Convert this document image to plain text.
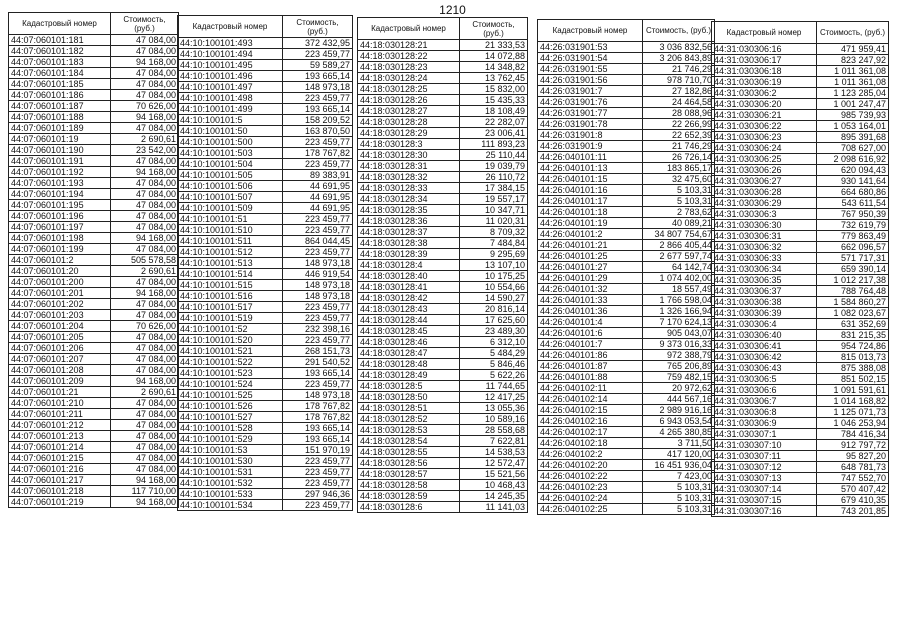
1210
Кадастровый номер	Стоимость, (руб.)
44:07:060101:181	47 084,00
44:07:060101:182	47 084,00
44:07:060101:183	94 168,00
44:07:060101:184	47 084,00
44:07:060101:185	47 084,00
44:07:060101:186	47 084,00
44:07:060101:187	70 626,00
44:07:060101:188	94 168,00
44:07:060101:189	47 084,00
44:07:060101:19	2 690,61
44:07:060101:190	23 542,00
44:07:060101:191	47 084,00
44:07:060101:192	94 168,00
44:07:060101:193	47 084,00
44:07:060101:194	47 084,00
44:07:060101:195	47 084,00
44:07:060101:196	47 084,00
44:07:060101:197	47 084,00
44:07:060101:198	94 168,00
44:07:060101:199	47 084,00
44:07:060101:2	505 578,58
44:07:060101:20	2 690,61
44:07:060101:200	47 084,00
44:07:060101:201	94 168,00
44:07:060101:202	47 084,00
44:07:060101:203	47 084,00
44:07:060101:204	70 626,00
44:07:060101:205	47 084,00
44:07:060101:206	47 084,00
44:07:060101:207	47 084,00
44:07:060101:208	47 084,00
44:07:060101:209	94 168,00
44:07:060101:21	2 690,61
44:07:060101:210	47 084,00
44:07:060101:211	47 084,00
44:07:060101:212	47 084,00
44:07:060101:213	47 084,00
44:07:060101:214	47 084,00
44:07:060101:215	47 084,00
44:07:060101:216	47 084,00
44:07:060101:217	94 168,00
44:07:060101:218	117 710,00
44:07:060101:219	94 168,00
Кадастровый номер	Стоимость, (руб.)
44:10:100101:493	372 432,95
44:10:100101:494	223 459,77
44:10:100101:495	59 589,27
44:10:100101:496	193 665,14
44:10:100101:497	148 973,18
44:10:100101:498	223 459,77
44:10:100101:499	193 665,14
44:10:100101:5	158 209,52
44:10:100101:50	163 870,50
44:10:100101:500	223 459,77
44:10:100101:503	178 767,82
44:10:100101:504	223 459,77
44:10:100101:505	89 383,91
44:10:100101:506	44 691,95
44:10:100101:507	44 691,95
44:10:100101:509	44 691,95
44:10:100101:51	223 459,77
44:10:100101:510	223 459,77
44:10:100101:511	864 044,45
44:10:100101:512	223 459,77
44:10:100101:513	148 973,18
44:10:100101:514	446 919,54
44:10:100101:515	148 973,18
44:10:100101:516	148 973,18
44:10:100101:517	223 459,77
44:10:100101:519	223 459,77
44:10:100101:52	232 398,16
44:10:100101:520	223 459,77
44:10:100101:521	268 151,73
44:10:100101:522	291 540,52
44:10:100101:523	193 665,14
44:10:100101:524	223 459,77
44:10:100101:525	148 973,18
44:10:100101:526	178 767,82
44:10:100101:527	178 767,82
44:10:100101:528	193 665,14
44:10:100101:529	193 665,14
44:10:100101:53	151 970,19
44:10:100101:530	223 459,77
44:10:100101:531	223 459,77
44:10:100101:532	223 459,77
44:10:100101:533	297 946,36
44:10:100101:534	223 459,77
Кадастровый номер	Стоимость, (руб.)
44:18:030128:21	21 333,53
44:18:030128:22	14 072,88
44:18:030128:23	14 348,82
44:18:030128:24	13 762,45
44:18:030128:25	15 832,00
44:18:030128:26	15 435,33
44:18:030128:27	18 108,49
44:18:030128:28	22 282,07
44:18:030128:29	23 006,41
44:18:030128:3	111 893,23
44:18:030128:30	25 110,44
44:18:030128:31	19 039,79
44:18:030128:32	26 110,72
44:18:030128:33	17 384,15
44:18:030128:34	19 557,17
44:18:030128:35	10 347,71
44:18:030128:36	11 020,31
44:18:030128:37	8 709,32
44:18:030128:38	7 484,84
44:18:030128:39	9 295,69
44:18:030128:4	13 107,10
44:18:030128:40	10 175,25
44:18:030128:41	10 554,66
44:18:030128:42	14 590,27
44:18:030128:43	20 816,14
44:18:030128:44	17 625,60
44:18:030128:45	23 489,30
44:18:030128:46	6 312,10
44:18:030128:47	5 484,29
44:18:030128:48	5 846,46
44:18:030128:49	5 622,26
44:18:030128:5	11 744,65
44:18:030128:50	12 417,25
44:18:030128:51	13 055,36
44:18:030128:52	10 589,16
44:18:030128:53	28 558,68
44:18:030128:54	7 622,81
44:18:030128:55	14 538,53
44:18:030128:56	12 572,47
44:18:030128:57	15 521,56
44:18:030128:58	10 468,43
44:18:030128:59	14 245,35
44:18:030128:6	11 141,03
Кадастровый номер	Стоимость, (руб.)
44:26:031901:53	3 036 832,56
44:26:031901:54	3 206 843,89
44:26:031901:55	21 746,29
44:26:031901:56	978 710,70
44:26:031901:7	27 182,86
44:26:031901:76	24 464,58
44:26:031901:77	28 088,96
44:26:031901:78	22 266,99
44:26:031901:8	22 652,39
44:26:031901:9	21 746,29
44:26:040101:11	26 726,14
44:26:040101:13	183 865,17
44:26:040101:15	32 475,60
44:26:040101:16	5 103,31
44:26:040101:17	5 103,31
44:26:040101:18	2 783,62
44:26:040101:19	40 089,21
44:26:040101:2	34 807 754,67
44:26:040101:21	2 866 405,44
44:26:040101:25	2 677 597,74
44:26:040101:27	64 142,74
44:26:040101:29	1 074 402,00
44:26:040101:32	18 557,49
44:26:040101:33	1 766 598,04
44:26:040101:36	1 326 166,94
44:26:040101:4	7 170 624,13
44:26:040101:6	905 043,07
44:26:040101:7	9 373 016,33
44:26:040101:86	972 388,79
44:26:040101:87	765 206,89
44:26:040101:88	759 482,15
44:26:040102:11	20 972,62
44:26:040102:14	444 567,16
44:26:040102:15	2 989 916,16
44:26:040102:16	6 943 053,54
44:26:040102:17	4 265 380,85
44:26:040102:18	3 711,50
44:26:040102:2	417 120,00
44:26:040102:20	16 451 936,04
44:26:040102:22	7 423,00
44:26:040102:23	5 103,31
44:26:040102:24	5 103,31
44:26:040102:25	5 103,31
Кадастровый номер	Стоимость, (руб.)
44:31:030306:16	471 959,41
44:31:030306:17	823 247,92
44:31:030306:18	1 011 361,08
44:31:030306:19	1 011 361,08
44:31:030306:2	1 123 285,04
44:31:030306:20	1 001 247,47
44:31:030306:21	985 739,93
44:31:030306:22	1 053 164,01
44:31:030306:23	895 391,68
44:31:030306:24	708 627,00
44:31:030306:25	2 098 616,92
44:31:030306:26	620 094,43
44:31:030306:27	930 141,64
44:31:030306:28	664 680,86
44:31:030306:29	543 611,54
44:31:030306:3	767 950,39
44:31:030306:30	732 619,79
44:31:030306:31	779 863,49
44:31:030306:32	662 096,57
44:31:030306:33	571 717,31
44:31:030306:34	659 390,14
44:31:030306:35	1 012 217,38
44:31:030306:37	788 764,48
44:31:030306:38	1 584 860,27
44:31:030306:39	1 082 023,67
44:31:030306:4	631 352,69
44:31:030306:40	831 215,35
44:31:030306:41	954 724,86
44:31:030306:42	815 013,73
44:31:030306:43	875 388,08
44:31:030306:5	851 502,15
44:31:030306:6	1 091 591,61
44:31:030306:7	1 014 168,82
44:31:030306:8	1 125 071,73
44:31:030306:9	1 046 253,94
44:31:030307:1	784 416,34
44:31:030307:10	912 797,72
44:31:030307:11	95 827,20
44:31:030307:12	648 781,73
44:31:030307:13	747 552,70
44:31:030307:14	570 407,42
44:31:030307:15	679 410,35
44:31:030307:16	743 201,85
